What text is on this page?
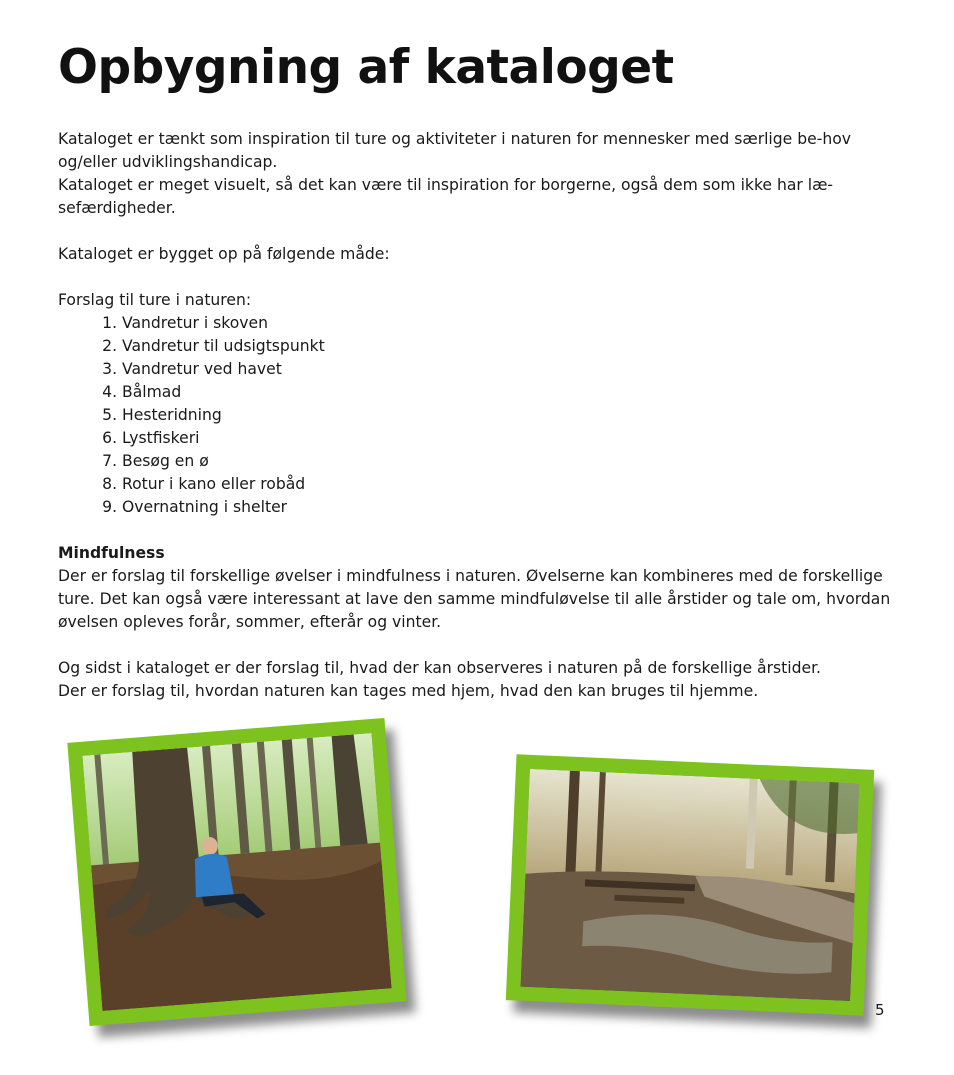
Opbygning af kataloget

Kataloget er tænkt som inspiration til ture og aktiviteter i naturen for mennesker med særlige be-hov og/eller udviklingshandicap.

Kataloget er meget visuelt, så det kan være til inspiration for borgerne, også dem som ikke har læ-sefærdigheder.

Kataloget er bygget op på følgende måde:

Forslag til ture i naturen:

1. Vandretur i skoven
2. Vandretur til udsigtspunkt
3. Vandretur ved havet
4. Bålmad
5. Hesteridning
6. Lystfiskeri
7. Besøg en ø
8. Rotur i kano eller robåd
9. Overnatning i shelter

Mindfulness

Der er forslag til forskellige øvelser i mindfulness i naturen. Øvelserne kan kombineres med de forskellige ture. Det kan også være interessant at lave den samme mindfuløvelse til alle årstider og tale om, hvordan øvelsen opleves forår, sommer, efterår og vinter.

Og sidst i kataloget er der forslag til, hvad der kan observeres i naturen på de forskellige årstider.

Der er forslag til, hvordan naturen kan tages med hjem, hvad den kan bruges til hjemme.

5
